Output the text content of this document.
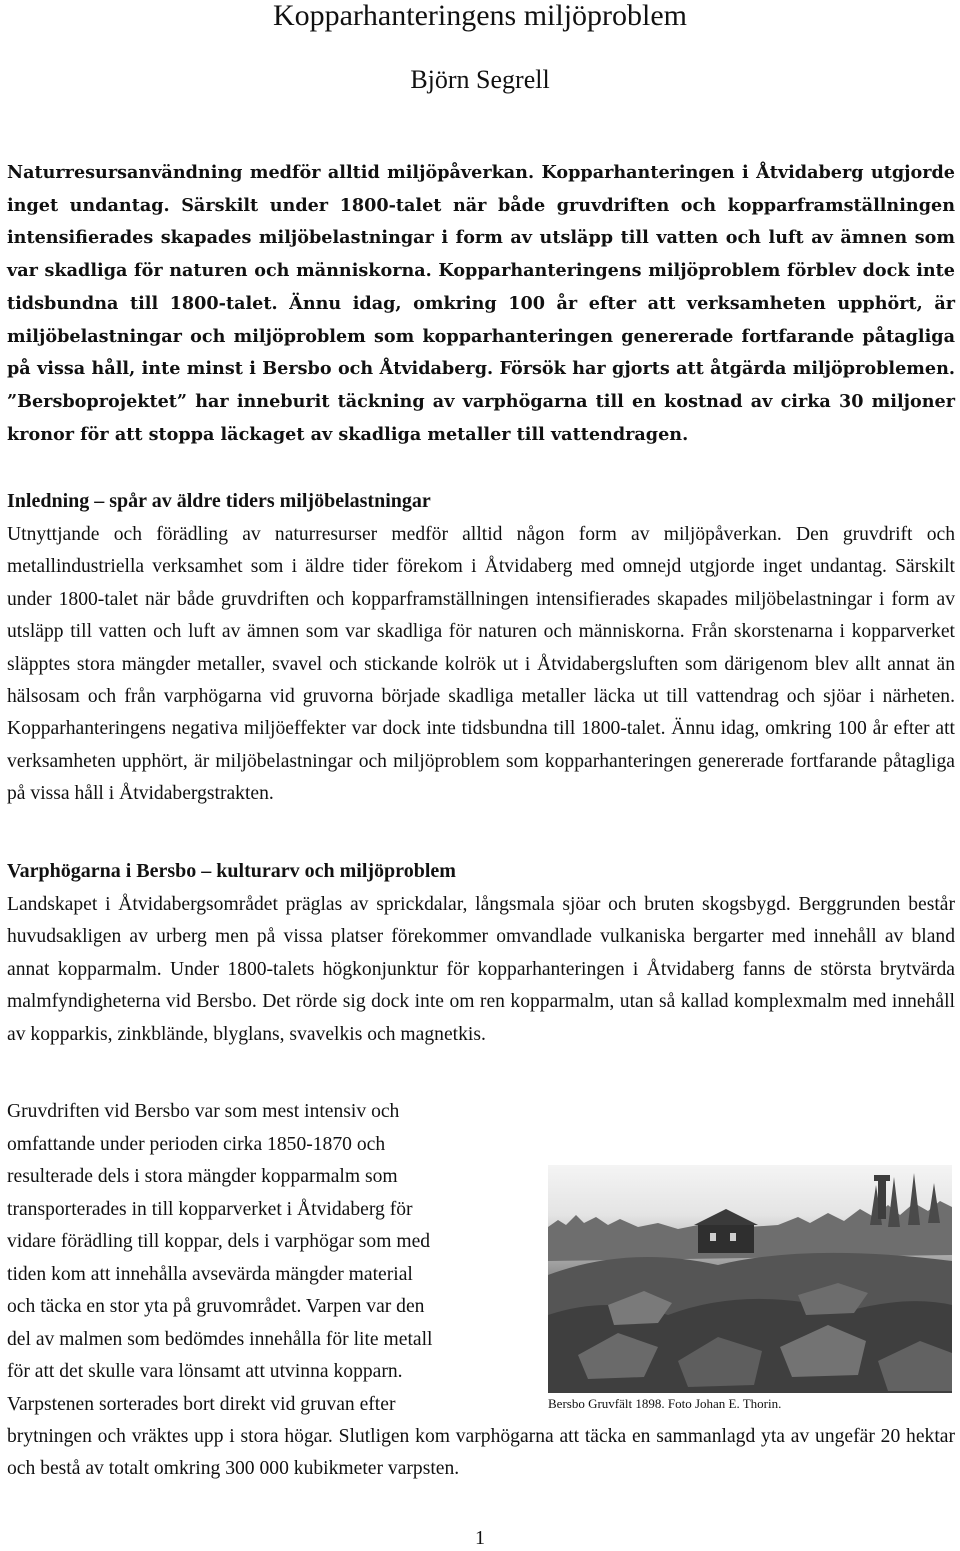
Kopparhanteringens miljöproblem
Björn Segrell

Naturresursanvändning medför alltid miljöpåverkan. Kopparhanteringen i Åtvidaberg utgjorde inget undantag. Särskilt under 1800-talet när både gruvdriften och kopparframställningen intensifierades skapades miljöbelastningar i form av utsläpp till vatten och luft av ämnen som var skadliga för naturen och människorna. Kopparhanteringens miljöproblem förblev dock inte tidsbundna till 1800-talet. Ännu idag, omkring 100 år efter att verksamheten upphört, är miljöbelastningar och miljöproblem som kopparhanteringen genererade fortfarande påtagliga på vissa håll, inte minst i Bersbo och Åtvidaberg. Försök har gjorts att åtgärda miljöproblemen. ”Bersboprojektet” har inneburit täckning av varphögarna till en kostnad av cirka 30 miljoner kronor för att stoppa läckaget av skadliga metaller till vattendragen.

Inledning – spår av äldre tiders miljöbelastningar

Utnyttjande och förädling av naturresurser medför alltid någon form av miljöpåverkan. Den gruvdrift och metallindustriella verksamhet som i äldre tider förekom i Åtvidaberg med omnejd utgjorde inget undantag. Särskilt under 1800-talet när både gruvdriften och kopparframställningen intensifierades skapades miljöbelastningar i form av utsläpp till vatten och luft av ämnen som var skadliga för naturen och människorna. Från skorstenarna i kopparverket släpptes stora mängder metaller, svavel och stickande kolrök ut i Åtvidabergsluften som därigenom blev allt annat än hälsosam och från varphögarna vid gruvorna började skadliga metaller läcka ut till vattendrag och sjöar i närheten. Kopparhanteringens negativa miljöeffekter var dock inte tidsbundna till 1800-talet. Ännu idag, omkring 100 år efter att verksamheten upphört, är miljöbelastningar och miljöproblem som kopparhanteringen genererade fortfarande påtagliga på vissa håll i Åtvidabergstrakten.

Varphögarna i Bersbo – kulturarv och miljöproblem

Landskapet i Åtvidabergsområdet präglas av sprickdalar, långsmala sjöar och bruten skogsbygd. Berggrunden består huvudsakligen av urberg men på vissa platser förekommer omvandlade vulkaniska bergarter med innehåll av bland annat kopparmalm. Under 1800-talets högkonjunktur för kopparhanteringen i Åtvidaberg fanns de största brytvärda malmfyndigheterna vid Bersbo. Det rörde sig dock inte om ren kopparmalm, utan så kallad komplexmalm med innehåll av kopparkis, zinkblände, blyglans, svavelkis och magnetkis.

Gruvdriften vid Bersbo var som mest intensiv och
omfattande under perioden cirka 1850-1870 och
resulterade dels i stora mängder kopparmalm som
transporterades in till kopparverket i Åtvidaberg för
vidare förädling till koppar, dels i varphögar som med
tiden kom att innehålla avsevärda mängder material
och täcka en stor yta på gruvområdet. Varpen var den
del av malmen som bedömdes innehålla för lite metall
för att det skulle vara lönsamt att utvinna kopparn.
Varpstenen sorterades bort direkt vid gruvan efter

brytningen och vräktes upp i stora högar. Slutligen kom varphögarna att täcka en sammanlagd yta av ungefär 20 hektar och bestå av totalt omkring 300 000 kubikmeter varpsten.

Bersbo Gruvfält 1898. Foto Johan E. Thorin.
1
